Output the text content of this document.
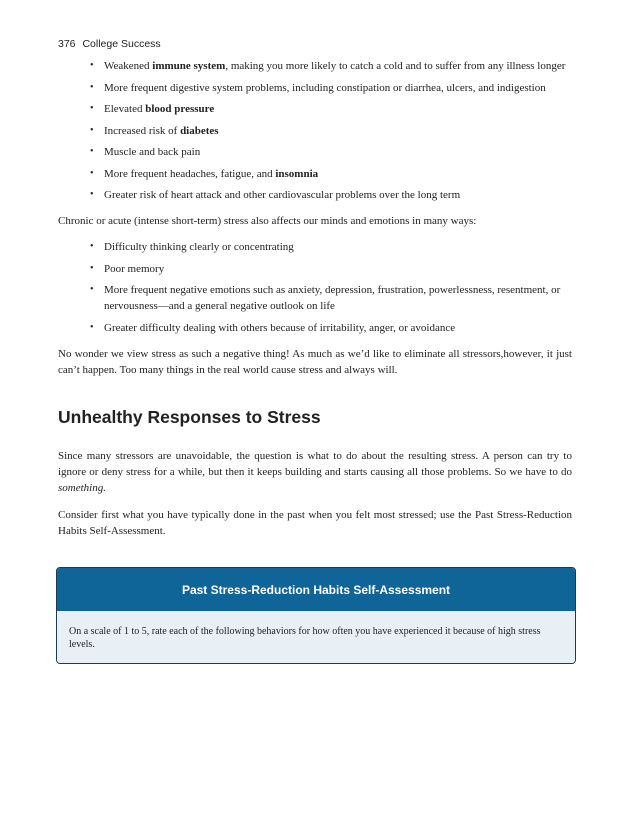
376 College Success
• Weakened immune system, making you more likely to catch a cold and to suffer from any illness longer
• More frequent digestive system problems, including constipation or diarrhea, ulcers, and indigestion
• Elevated blood pressure
• Increased risk of diabetes
• Muscle and back pain
• More frequent headaches, fatigue, and insomnia
• Greater risk of heart attack and other cardiovascular problems over the long term

Chronic or acute (intense short-term) stress also affects our minds and emotions in many ways:

• Difficulty thinking clearly or concentrating
• Poor memory
• More frequent negative emotions such as anxiety, depression, frustration, powerlessness, resentment, or nervousness—and a general negative outlook on life
• Greater difficulty dealing with others because of irritability, anger, or avoidance

No wonder we view stress as such a negative thing! As much as we’d like to eliminate all stressors,however, it just can’t happen. Too many things in the real world cause stress and always will.

Unhealthy Responses to Stress

Since many stressors are unavoidable, the question is what to do about the resulting stress. A person can try to ignore or deny stress for a while, but then it keeps building and starts causing all those problems. So we have to do something.

Consider first what you have typically done in the past when you felt most stressed; use the Past Stress-Reduction Habits Self-Assessment.

Past Stress-Reduction Habits Self-Assessment
On a scale of 1 to 5, rate each of the following behaviors for how often you have experienced it because of high stress levels.
